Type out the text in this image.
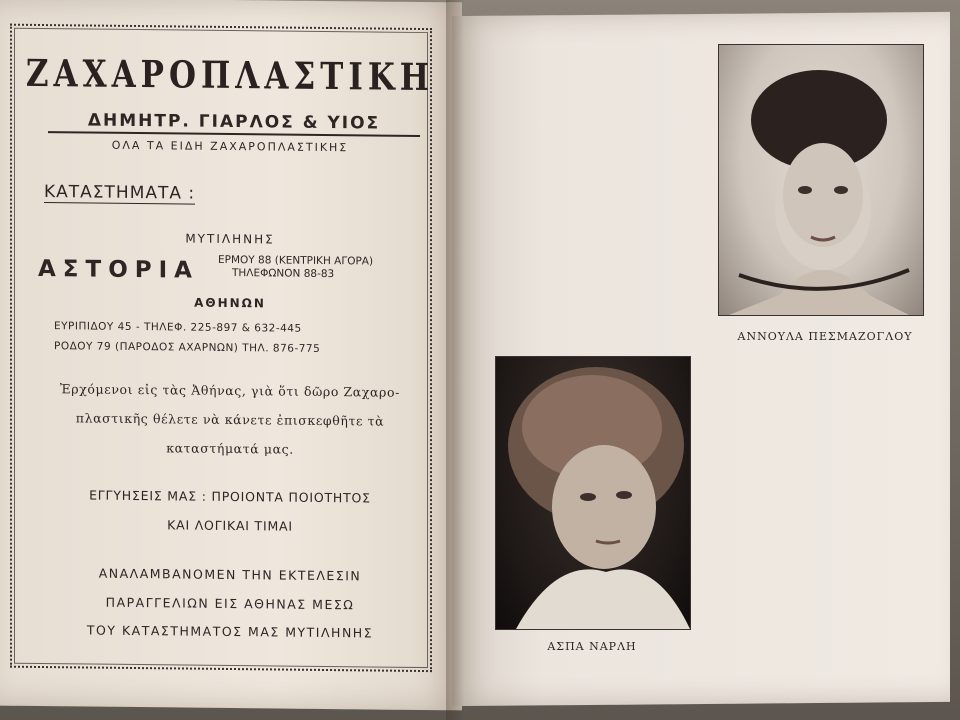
ΖΑΧΑΡΟΠΛΑΣΤΙΚΗ
ΔΗΜΗΤΡ. ΓΙΑΡΛΟΣ & ΥΙΟΣ
ΟΛΑ ΤΑ ΕΙΔΗ ΖΑΧΑΡΟΠΛΑΣΤΙΚΗΣ
ΚΑΤΑΣΤΗΜΑΤΑ :
ΜΥΤΙΛΗΝΗΣ
ΑΣΤΟΡΙΑ ΕΡΜΟΥ 88 (ΚΕΝΤΡΙΚΗ ΑΓΟΡΑ)
ΤΗΛΕΦΩΝΟΝ 88-83
ΑΘΗΝΩΝ
ΕΥΡΙΠΙΔΟΥ 45 - ΤΗΛΕΦ. 225-897 & 632-445
ΡΟΔΟΥ 79 (ΠΑΡΟΔΟΣ ΑΧΑΡΝΩΝ) ΤΗΛ. 876-775
Ἐρχόμενοι εἰς τὰς Ἀθήνας, γιὰ ὅτι δῶρο Ζαχαρο-
πλαστικῆς θέλετε νὰ κάνετε ἐπισκεφθῆτε τὰ
καταστήματά μας.
ΕΓΓΥΗΣΕΙΣ ΜΑΣ : ΠΡΟΙΟΝΤΑ ΠΟΙΟΤΗΤΟΣ
ΚΑΙ ΛΟΓΙΚΑΙ ΤΙΜΑΙ
ΑΝΑΛΑΜΒΑΝΟΜΕΝ ΤΗΝ ΕΚΤΕΛΕΣΙΝ
ΠΑΡΑΓΓΕΛΙΩΝ ΕΙΣ ΑΘΗΝΑΣ ΜΕΣΩ
ΤΟΥ ΚΑΤΑΣΤΗΜΑΤΟΣ ΜΑΣ ΜΥΤΙΛΗΝΗΣ
ΑΝΝΟΥΛΑ ΠΕΣΜΑΖΟΓΛΟΥ
ΑΣΠΑ ΝΑΡΛΗ
